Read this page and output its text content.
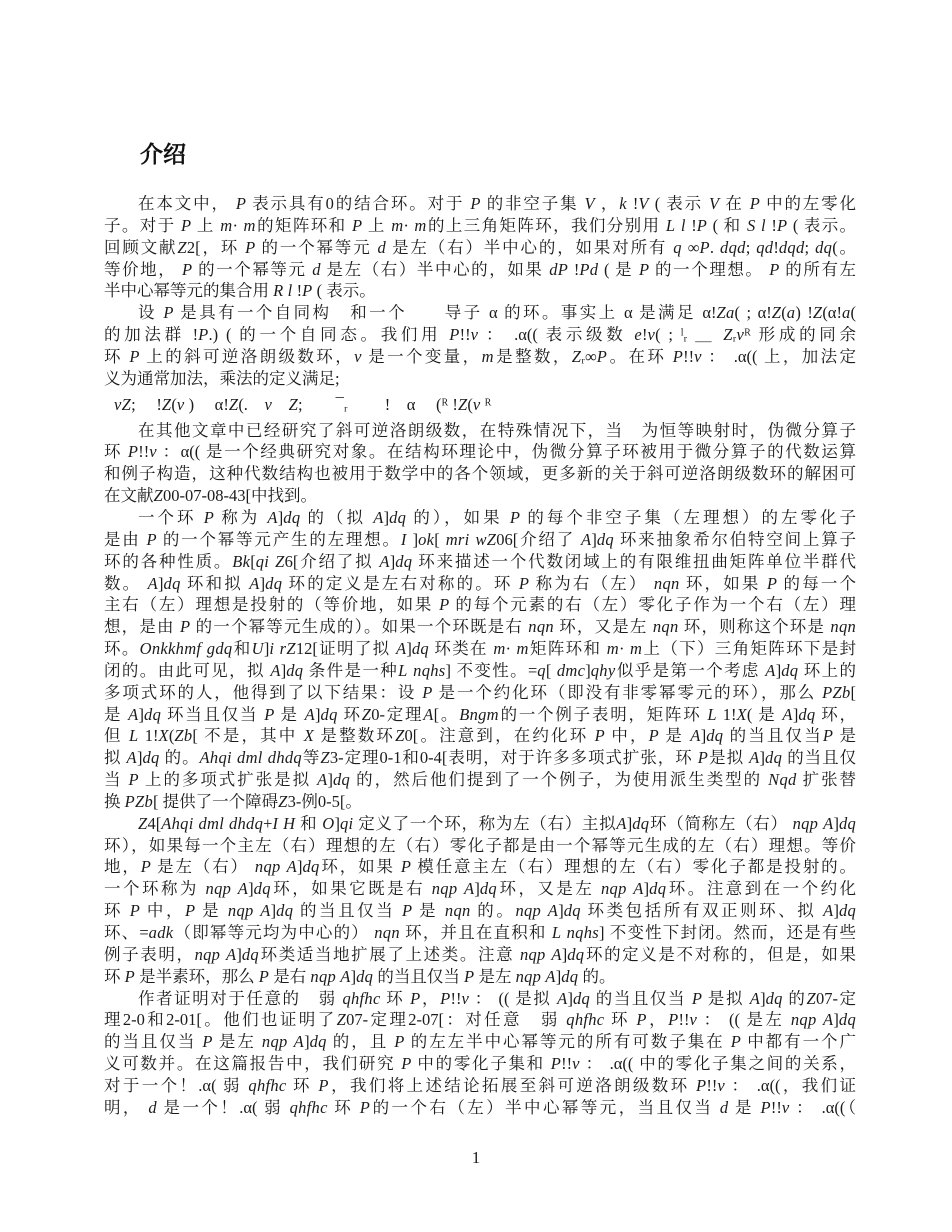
介绍
在本文中， P 表示具有0的结合环。对于 P 的非空子集 V ，k !V ( 表示 V 在 P 中的左零化
子。对于 P 上 m· m的矩阵环和 P 上 m· m的上三角矩阵环，我们分别用 L l !P ( 和 S l !P ( 表示。
回顾文献Z2[，环 P 的一个幂等元 d 是左（右）半中心的，如果对所有 q ∞P. dqd; qd!dqd; dq(。
等价地， P 的一个幂等元 d 是左（右）半中心的，如果 dP !Pd ( 是 P 的一个理想。 P 的所有左
半中心幂等元的集合用 R l !P ( 表示。
设 P 是具有一个自同构　和一个　　导子 α 的环。事实上 α 是满足 α!Za( ; α!Z(a) !Z(α!a(
的加法群 !P.) ( 的一个自同态。我们用 P!!v ： .α(( 表示级数 e!v( ; ˡᵣ ＿ Zᵣvᴿ 形成的同余
环 P 上的斜可逆洛朗级数环，v 是一个变量，m是整数，Zᵣ∞P。在环 P!!v ： .α(( 上，加法定
义为通常加法，乘法的定义满足;
vZ;　 !Z(v )　 α!Z(.　v　 Z;　　¯ᵣ　　 !　α　 (ᴿ !Z(v ᴿ
在其他文章中已经研究了斜可逆洛朗级数，在特殊情况下，当　为恒等映射时，伪微分算子
环 P!!v ：α(( 是一个经典研究对象。在结构环理论中，伪微分算子环被用于微分算子的代数运算
和例子构造，这种代数结构也被用于数学中的各个领域，更多新的关于斜可逆洛朗级数环的解困可
在文献Z00-07-08-43[中找到。
一个环 P 称为 A]dq 的（拟 A]dq 的），如果 P 的每个非空子集（左理想）的左零化子
是由 P 的一个幂等元产生的左理想。I ]ok[ mri wZ06[介绍了 A]dq 环来抽象希尔伯特空间上算子
环的各种性质。Bk[qi Z6[介绍了拟 A]dq 环来描述一个代数闭域上的有限维扭曲矩阵单位半群代
数。 A]dq 环和拟 A]dq 环的定义是左右对称的。环 P 称为右（左） nqn 环，如果 P 的每一个
主右（左）理想是投射的（等价地，如果 P 的每个元素的右（左）零化子作为一个右（左）理
想，是由 P 的一个幂等元生成的）。如果一个环既是右 nqn 环，又是左 nqn 环，则称这个环是 nqn
环。Onkkhmf gdq和U]i rZ12[证明了拟 A]dq 环类在 m· m矩阵环和 m· m上（下）三角矩阵环下是封
闭的。由此可见，拟 A]dq 条件是一种L nqhs] 不变性。=q[ dmc]qhy似乎是第一个考虑 A]dq 环上的
多项式环的人，他得到了以下结果：设 P 是一个约化环（即没有非零幂零元的环），那么 PZb[
是 A]dq 环当且仅当 P 是 A]dq 环Z0-定理A[。Bngm的一个例子表明，矩阵环 L 1!X( 是 A]dq 环，
但 L 1!X(Zb[ 不是，其中 X 是整数环Z0[。注意到，在约化环 P 中，P 是 A]dq 的当且仅当P 是
拟 A]dq 的。Ahqi dml dhdq等Z3-定理0-1和0-4[表明，对于许多多项式扩张，环 P是拟 A]dq 的当且仅
当 P 上的多项式扩张是拟 A]dq 的，然后他们提到了一个例子，为使用派生类型的 Nqd 扩张替
换 PZb[ 提供了一个障碍Z3-例0-5[。
Z4[Ahqi dml dhdq+I H 和 O]qi 定义了一个环，称为左（右）主拟A]dq环（简称左（右） nqp A]dq
环），如果每一个主左（右）理想的左（右）零化子都是由一个幂等元生成的左（右）理想。等价
地，P 是左（右） nqp A]dq环，如果 P 模任意主左（右）理想的左（右）零化子都是投射的。
一个环称为 nqp A]dq环，如果它既是右 nqp A]dq环，又是左 nqp A]dq环。注意到在一个约化
环 P 中，P 是 nqp A]dq 的当且仅当 P 是 nqn 的。nqp A]dq 环类包括所有双正则环、拟 A]dq
环、=adk（即幂等元均为中心的） nqn 环，并且在直积和 L nqhs] 不变性下封闭。然而，还是有些
例子表明，nqp A]dq环类适当地扩展了上述类。注意 nqp A]dq环的定义是不对称的，但是，如果
环 P 是半素环，那么 P 是右 nqp A]dq 的当且仅当 P 是左 nqp A]dq 的。
作者证明对于任意的　弱 qhfhc 环 P，P!!v ： (( 是拟 A]dq 的当且仅当 P 是拟 A]dq 的Z07-定
理2-0和2-01[。他们也证明了Z07-定理2-07[：对任意　弱 qhfhc 环 P，P!!v ： (( 是左 nqp A]dq
的当且仅当 P 是左 nqp A]dq 的，且 P 的左左半中心幂等元的所有可数子集在 P 中都有一个广
义可数并。在这篇报告中，我们研究 P 中的零化子集和 P!!v ： .α(( 中的零化子集之间的关系，
对于一个！.α( 弱 qhfhc 环 P，我们将上述结论拓展至斜可逆洛朗级数环 P!!v ： .α((，我们证
明， d 是一个！.α( 弱 qhfhc 环 P的一个右（左）半中心幂等元，当且仅当 d 是 P!!v ： .α((（
1
